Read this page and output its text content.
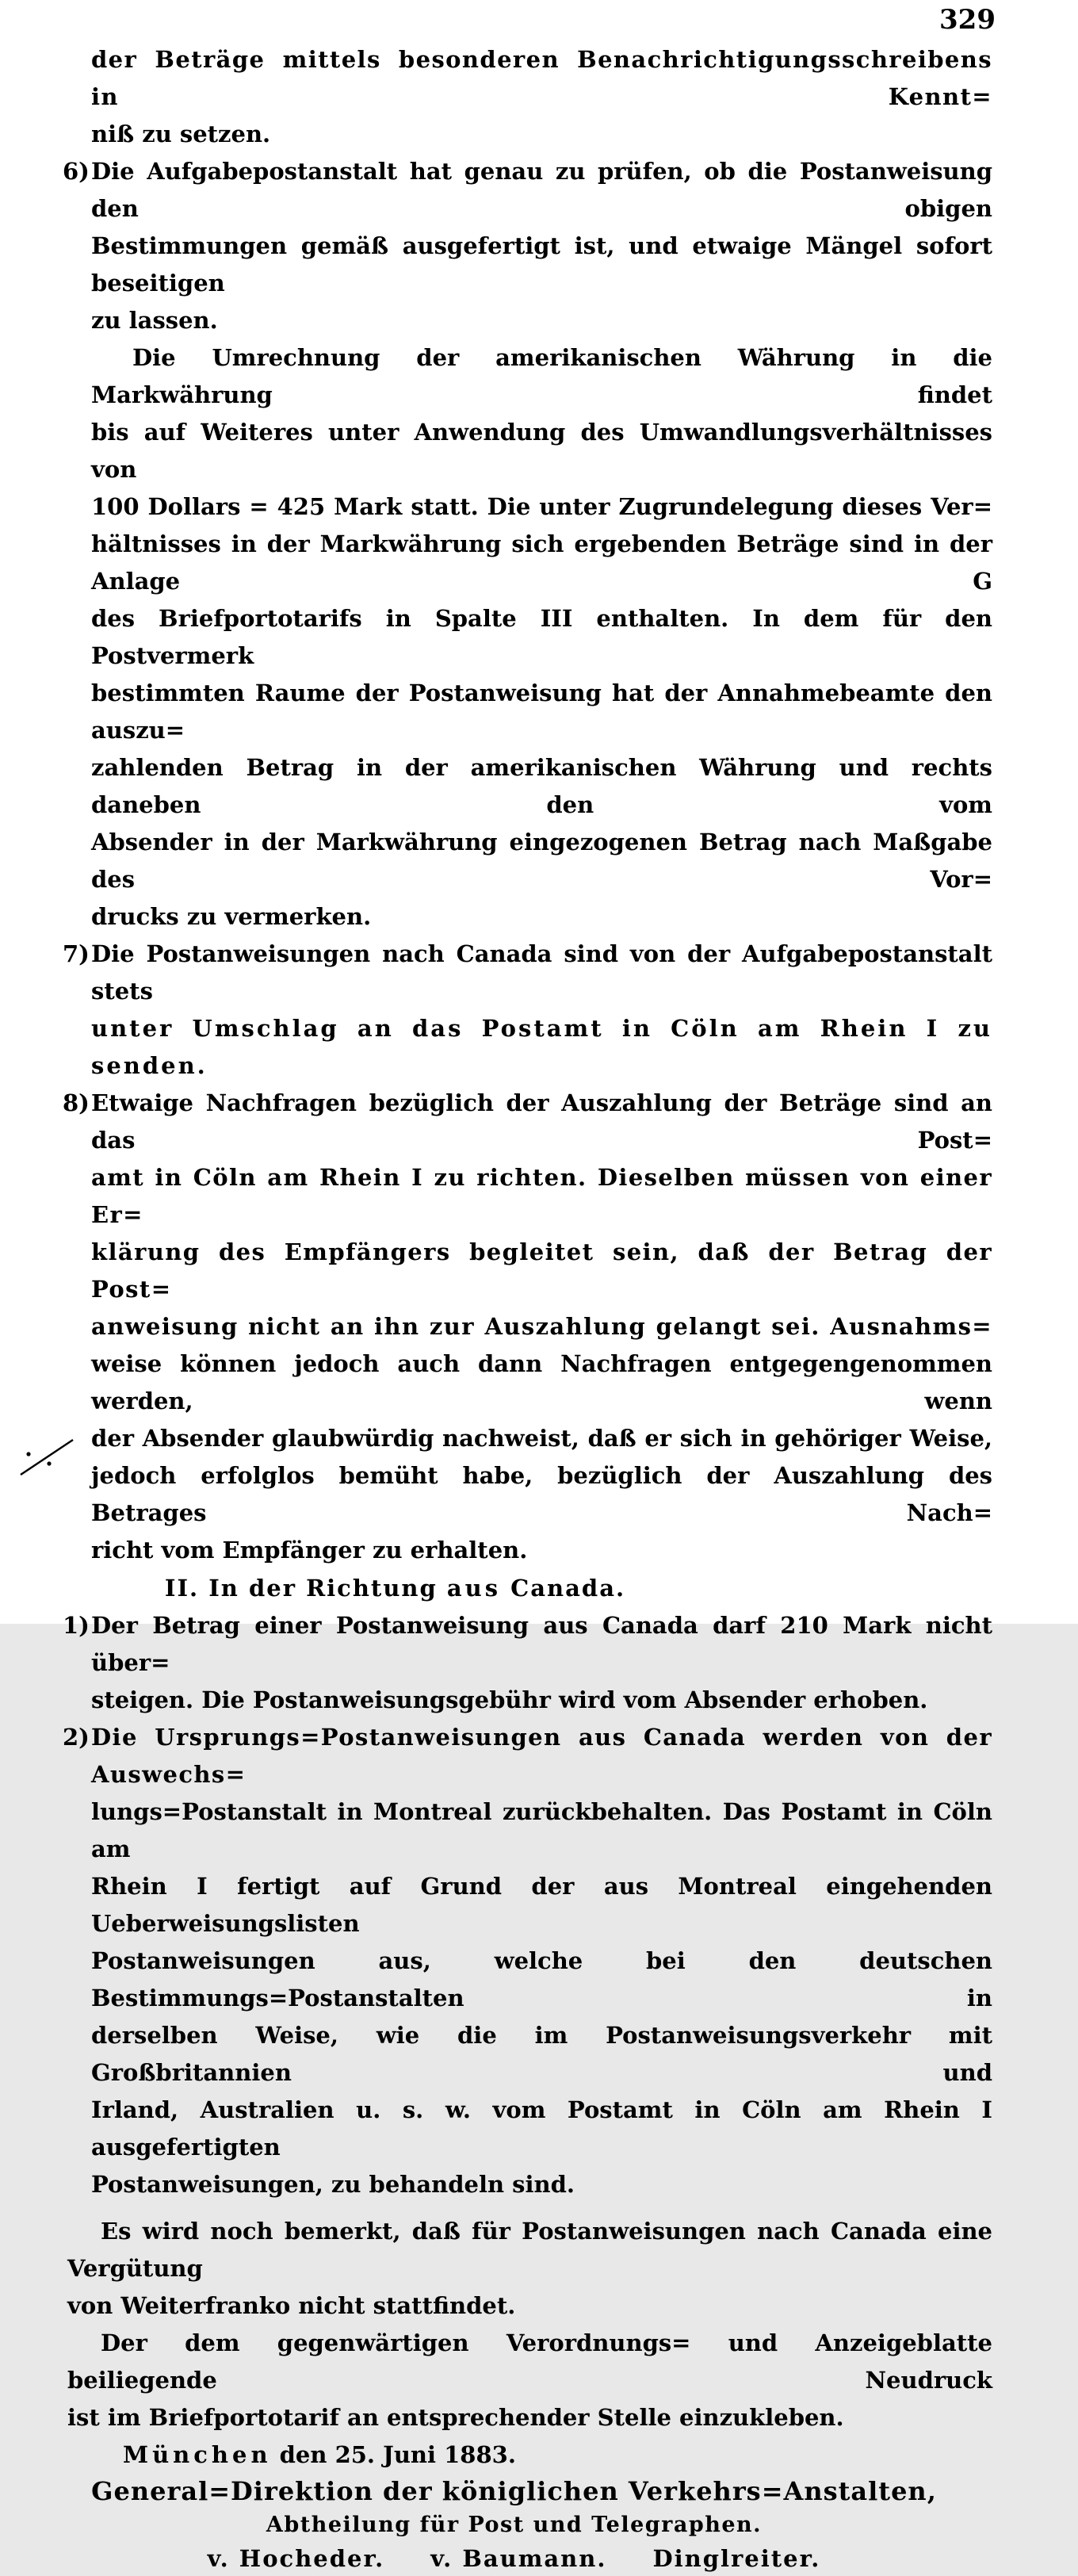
329
der Beträge mittels besonderen Benachrichtigungsschreibens in Kennt=
niß zu setzen.
6) Die Aufgabepostanstalt hat genau zu prüfen, ob die Postanweisung den obigen
Bestimmungen gemäß ausgefertigt ist, und etwaige Mängel sofort beseitigen
zu lassen.
Die Umrechnung der amerikanischen Währung in die Markwährung findet
bis auf Weiteres unter Anwendung des Umwandlungsverhältnisses von
100 Dollars = 425 Mark statt. Die unter Zugrundelegung dieses Ver=
hältnisses in der Markwährung sich ergebenden Beträge sind in der Anlage G
des Briefportotarifs in Spalte III enthalten. In dem für den Postvermerk
bestimmten Raume der Postanweisung hat der Annahmebeamte den auszu=
zahlenden Betrag in der amerikanischen Währung und rechts daneben den vom
Absender in der Markwährung eingezogenen Betrag nach Maßgabe des Vor=
drucks zu vermerken.
7) Die Postanweisungen nach Canada sind von der Aufgabepostanstalt stets
unter Umschlag an das Postamt in Cöln am Rhein I zu senden.
8) Etwaige Nachfragen bezüglich der Auszahlung der Beträge sind an das Post=
amt in Cöln am Rhein I zu richten. Dieselben müssen von einer Er=
klärung des Empfängers begleitet sein, daß der Betrag der Post=
anweisung nicht an ihn zur Auszahlung gelangt sei. Ausnahms=
weise können jedoch auch dann Nachfragen entgegengenommen werden, wenn
der Absender glaubwürdig nachweist, daß er sich in gehöriger Weise,
jedoch erfolglos bemüht habe, bezüglich der Auszahlung des Betrages Nach=
richt vom Empfänger zu erhalten.
II. In der Richtung aus Canada.
1) Der Betrag einer Postanweisung aus Canada darf 210 Mark nicht über=
steigen. Die Postanweisungsgebühr wird vom Absender erhoben.
2) Die Ursprungs=Postanweisungen aus Canada werden von der Auswechs=
lungs=Postanstalt in Montreal zurückbehalten. Das Postamt in Cöln am
Rhein I fertigt auf Grund der aus Montreal eingehenden Ueberweisungslisten
Postanweisungen aus, welche bei den deutschen Bestimmungs=Postanstalten in
derselben Weise, wie die im Postanweisungsverkehr mit Großbritannien und
Irland, Australien u. s. w. vom Postamt in Cöln am Rhein I ausgefertigten
Postanweisungen, zu behandeln sind.
Es wird noch bemerkt, daß für Postanweisungen nach Canada eine Vergütung
von Weiterfranko nicht stattfindet.
Der dem gegenwärtigen Verordnungs= und Anzeigeblatte beiliegende Neudruck
ist im Briefportotarif an entsprechender Stelle einzukleben.
München den 25. Juni 1883.
General=Direktion der königlichen Verkehrs=Anstalten,
Abtheilung für Post und Telegraphen.
v. Hocheder. v. Baumann. Dinglreiter.
